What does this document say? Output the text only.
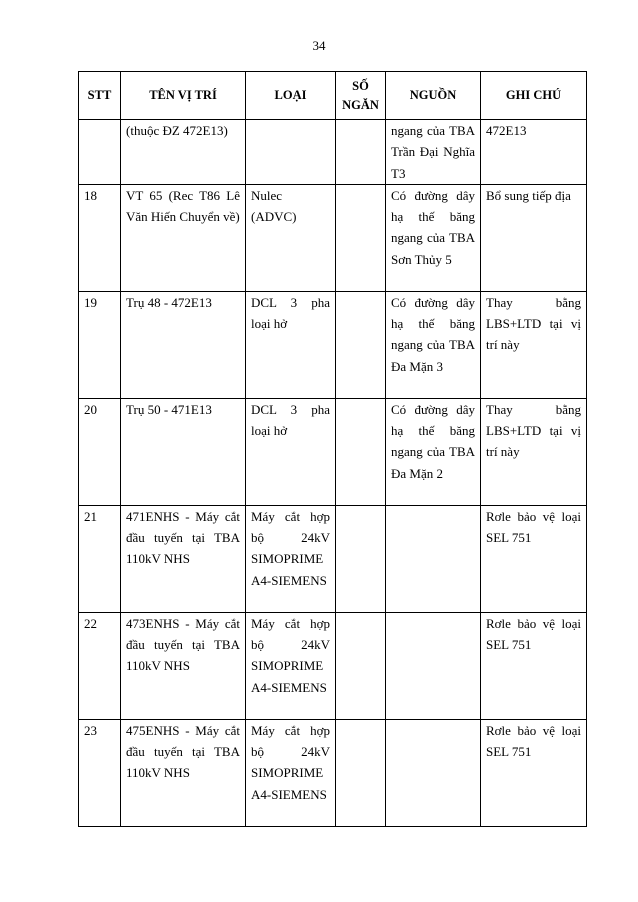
34
STT	TÊN VỊ TRÍ	LOẠI	SỐ NGĂN	NGUỒN	GHI CHÚ
	(thuộc ĐZ 472E13)			ngang của TBA Trần Đại Nghĩa T3	472E13
18	VT 65 (Rec T86 Lê Văn Hiến Chuyển về)	Nulec (ADVC)		Có đường dây hạ thế băng ngang của TBA Sơn Thủy 5	Bổ sung tiếp địa
19	Trụ 48 - 472E13	DCL 3 pha loại hở		Có đường dây hạ thế băng ngang của TBA Đa Mặn 3	Thay bằng LBS+LTD tại vị trí này
20	Trụ 50 - 471E13	DCL 3 pha loại hở		Có đường dây hạ thế băng ngang của TBA Đa Mặn 2	Thay bằng LBS+LTD tại vị trí này
21	471ENHS - Máy cắt đầu tuyến tại TBA 110kV NHS	Máy cắt hợp bộ 24kV SIMOPRIME A4-SIEMENS			Rơle bảo vệ loại SEL 751
22	473ENHS - Máy cắt đầu tuyến tại TBA 110kV NHS	Máy cắt hợp bộ 24kV SIMOPRIME A4-SIEMENS			Rơle bảo vệ loại SEL 751
23	475ENHS - Máy cắt đầu tuyến tại TBA 110kV NHS	Máy cắt hợp bộ 24kV SIMOPRIME A4-SIEMENS			Rơle bảo vệ loại SEL 751
